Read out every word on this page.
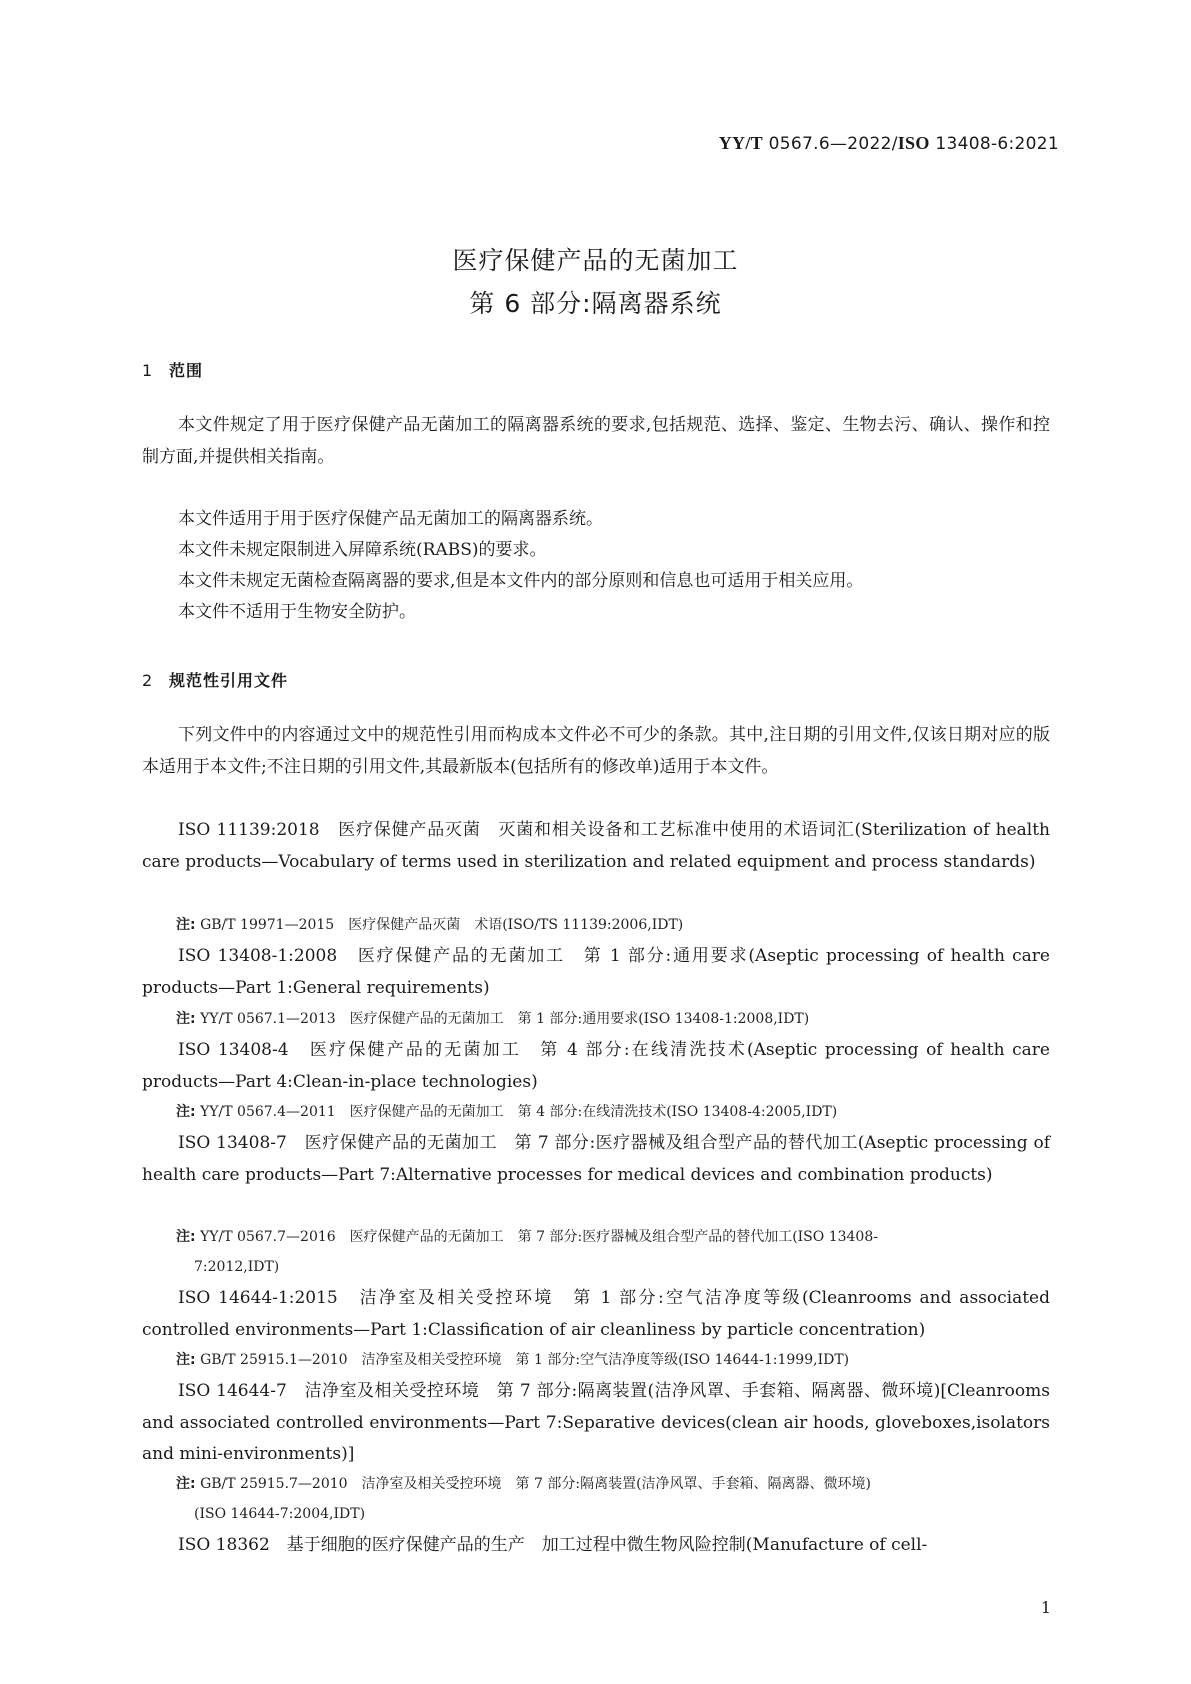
YY/T 0567.6—2022/ISO 13408-6:2021
医疗保健产品的无菌加工
第 6 部分:隔离器系统
1 范围
本文件规定了用于医疗保健产品无菌加工的隔离器系统的要求,包括规范、选择、鉴定、生物去污、确认、操作和控制方面,并提供相关指南。
本文件适用于用于医疗保健产品无菌加工的隔离器系统。
本文件未规定限制进入屏障系统(RABS)的要求。
本文件未规定无菌检查隔离器的要求,但是本文件内的部分原则和信息也可适用于相关应用。
本文件不适用于生物安全防护。
2 规范性引用文件
下列文件中的内容通过文中的规范性引用而构成本文件必不可少的条款。其中,注日期的引用文件,仅该日期对应的版本适用于本文件;不注日期的引用文件,其最新版本(包括所有的修改单)适用于本文件。
ISO 11139:2018　医疗保健产品灭菌　灭菌和相关设备和工艺标准中使用的术语词汇(Sterilization of health care products—Vocabulary of terms used in sterilization and related equipment and process standards)
注: GB/T 19971—2015　医疗保健产品灭菌　术语(ISO/TS 11139:2006,IDT)
ISO 13408-1:2008　医疗保健产品的无菌加工　第 1 部分:通用要求(Aseptic processing of health care products—Part 1:General requirements)
注: YY/T 0567.1—2013　医疗保健产品的无菌加工　第 1 部分:通用要求(ISO 13408-1:2008,IDT)
ISO 13408-4　医疗保健产品的无菌加工　第 4 部分:在线清洗技术(Aseptic processing of health care products—Part 4:Clean-in-place technologies)
注: YY/T 0567.4—2011　医疗保健产品的无菌加工　第 4 部分:在线清洗技术(ISO 13408-4:2005,IDT)
ISO 13408-7　医疗保健产品的无菌加工　第 7 部分:医疗器械及组合型产品的替代加工(Aseptic processing of health care products—Part 7:Alternative processes for medical devices and combination products)
注: YY/T 0567.7—2016　医疗保健产品的无菌加工　第 7 部分:医疗器械及组合型产品的替代加工(ISO 13408-
7:2012,IDT)
ISO 14644-1:2015　洁净室及相关受控环境　第 1 部分:空气洁净度等级(Cleanrooms and associated controlled environments—Part 1:Classification of air cleanliness by particle concentration)
注: GB/T 25915.1—2010　洁净室及相关受控环境　第 1 部分:空气洁净度等级(ISO 14644-1:1999,IDT)
ISO 14644-7　洁净室及相关受控环境　第 7 部分:隔离装置(洁净风罩、手套箱、隔离器、微环境)[Cleanrooms and associated controlled environments—Part 7:Separative devices(clean air hoods, gloveboxes,isolators and mini-environments)]
注: GB/T 25915.7—2010　洁净室及相关受控环境　第 7 部分:隔离装置(洁净风罩、手套箱、隔离器、微环境)
(ISO 14644-7:2004,IDT)
ISO 18362　基于细胞的医疗保健产品的生产　加工过程中微生物风险控制(Manufacture of cell-
1
